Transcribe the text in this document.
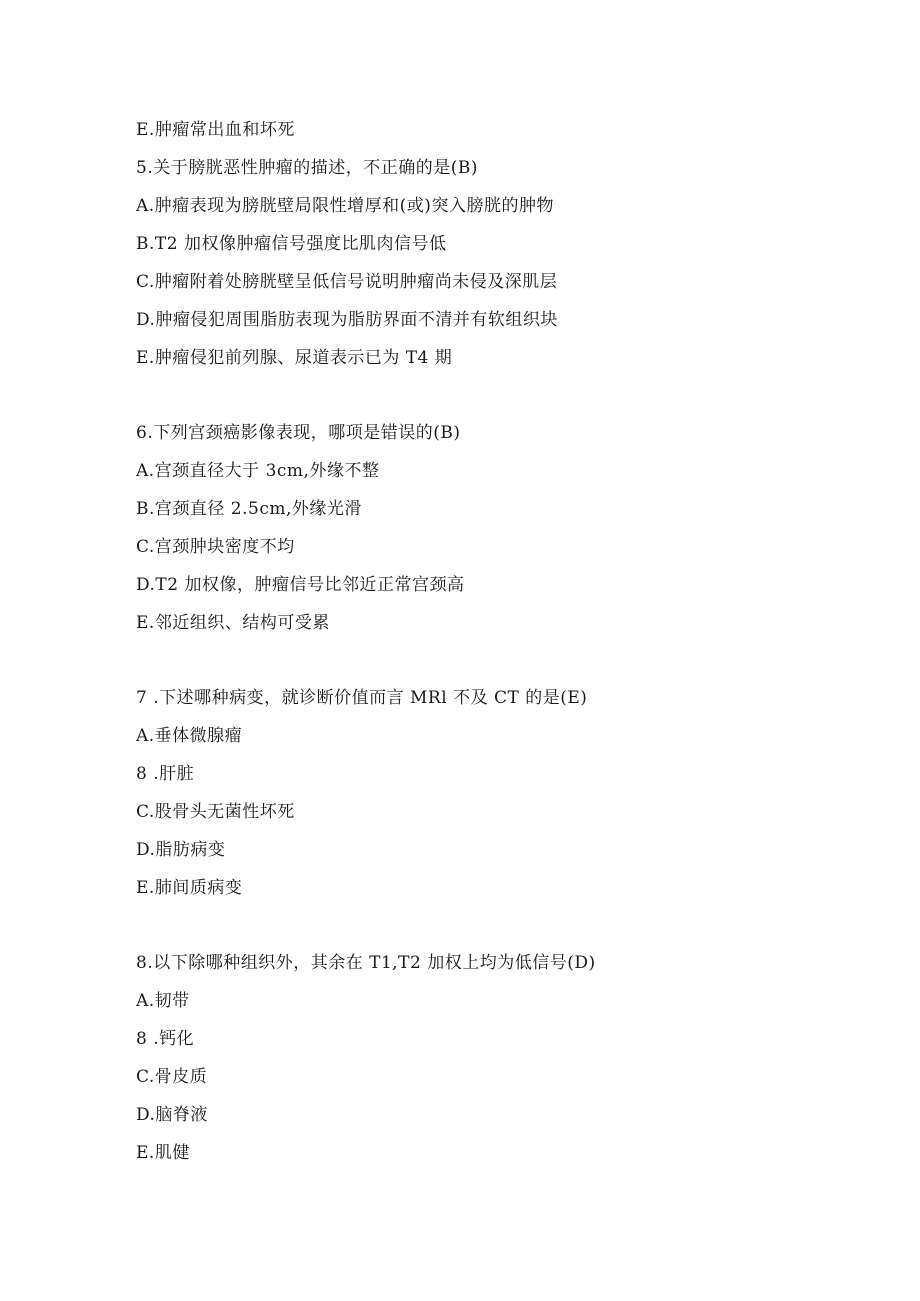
E.肿瘤常出血和坏死
5.关于膀胱恶性肿瘤的描述，不正确的是(B)
A.肿瘤表现为膀胱壁局限性增厚和(或)突入膀胱的肿物
B.T2 加权像肿瘤信号强度比肌肉信号低
C.肿瘤附着处膀胱壁呈低信号说明肿瘤尚未侵及深肌层
D.肿瘤侵犯周围脂肪表现为脂肪界面不清并有软组织块
E.肿瘤侵犯前列腺、尿道表示已为 T4 期
6.下列宫颈癌影像表现，哪项是错误的(B)
A.宫颈直径大于 3cm,外缘不整
B.宫颈直径 2.5cm,外缘光滑
C.宫颈肿块密度不均
D.T2 加权像，肿瘤信号比邻近正常宫颈高
E.邻近组织、结构可受累
7 .下述哪种病变，就诊断价值而言 MRl 不及 CT 的是(E)
A.垂体微腺瘤
8 .肝脏
C.股骨头无菌性坏死
D.脂肪病变
E.肺间质病变
8.以下除哪种组织外，其余在 T1,T2 加权上均为低信号(D)
A.韧带
8 .钙化
C.骨皮质
D.脑脊液
E.肌健
